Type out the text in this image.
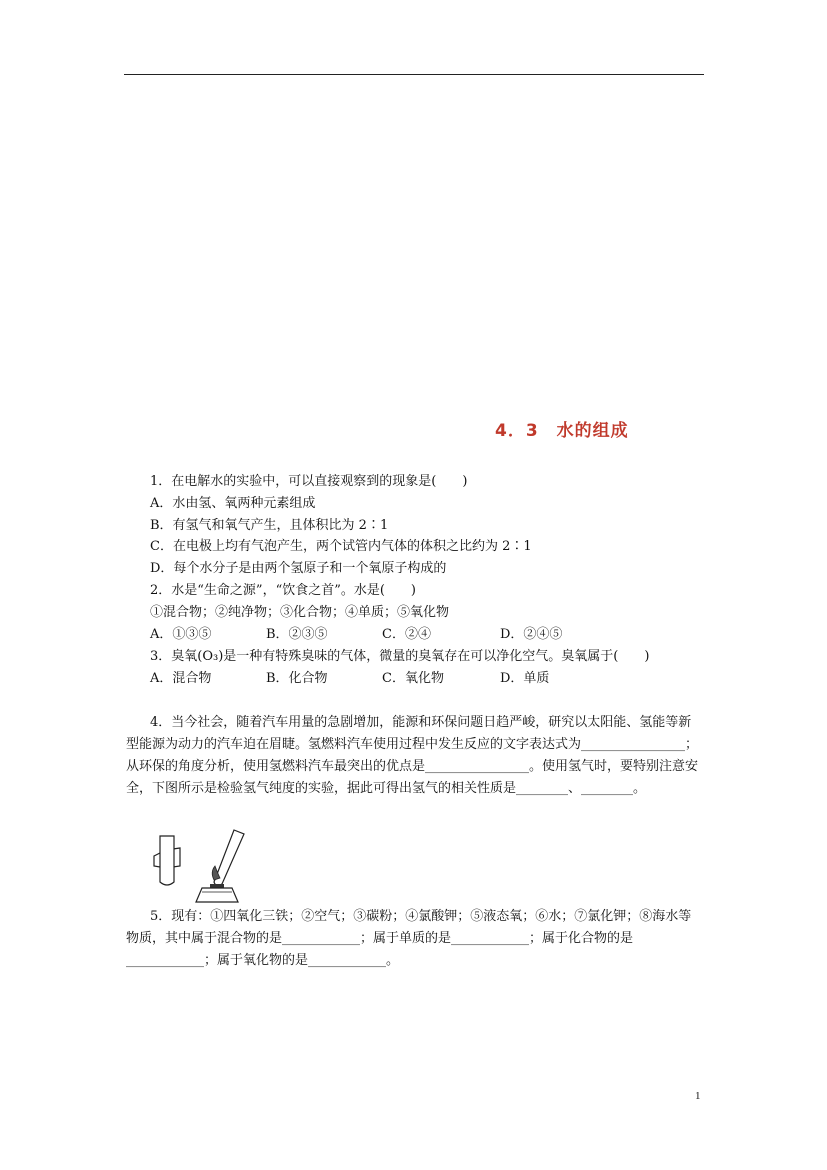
4．3　水的组成
1．在电解水的实验中，可以直接观察到的现象是(　　)
A．水由氢、氧两种元素组成
B．有氢气和氧气产生，且体积比为 2∶1
C．在电极上均有气泡产生，两个试管内气体的体积之比约为 2∶1
D．每个水分子是由两个氢原子和一个氧原子构成的
2．水是“生命之源”，“饮食之首”。水是(　　)
①混合物；②纯净物；③化合物；④单质；⑤氧化物
A．①③⑤	B．②③⑤	C．②④	D．②④⑤
3．臭氧(O₃)是一种有特殊臭味的气体，微量的臭氧存在可以净化空气。臭氧属于(　　)
A．混合物	B．化合物	C．氧化物	D．单质
4．当今社会，随着汽车用量的急剧增加，能源和环保问题日趋严峻，研究以太阳能、氢能等新型能源为动力的汽车迫在眉睫。氢燃料汽车使用过程中发生反应的文字表达式为________________；从环保的角度分析，使用氢燃料汽车最突出的优点是________________。使用氢气时，要特别注意安全，下图所示是检验氢气纯度的实验，据此可得出氢气的相关性质是________、________。
5．现有：①四氧化三铁；②空气；③碳粉；④氯酸钾；⑤液态氧；⑥水；⑦氯化钾；⑧海水等物质，其中属于混合物的是____________；属于单质的是____________；属于化合物的是____________；属于氧化物的是____________。
1
